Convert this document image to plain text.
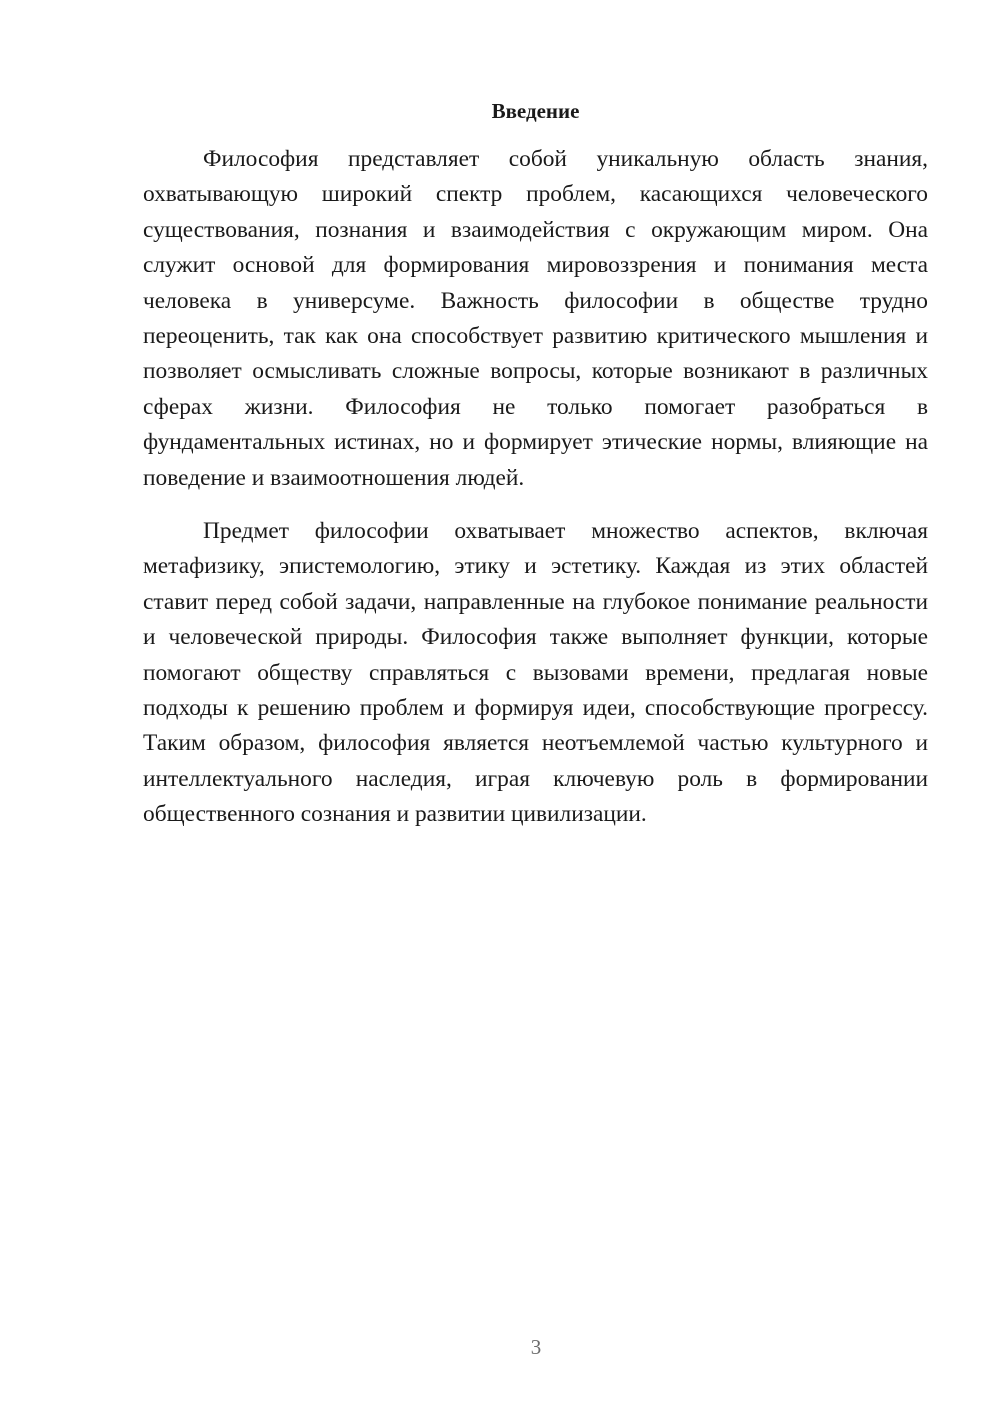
Введение

Философия представляет собой уникальную область знания, охватывающую широкий спектр проблем, касающихся человеческого существования, познания и взаимодействия с окружающим миром. Она служит основой для формирования мировоззрения и понимания места человека в универсуме. Важность философии в обществе трудно переоценить, так как она способствует развитию критического мышления и позволяет осмысливать сложные вопросы, которые возникают в различных сферах жизни. Философия не только помогает разобраться в фундаментальных истинах, но и формирует этические нормы, влияющие на поведение и взаимоотношения людей.

Предмет философии охватывает множество аспектов, включая метафизику, эпистемологию, этику и эстетику. Каждая из этих областей ставит перед собой задачи, направленные на глубокое понимание реальности и человеческой природы. Философия также выполняет функции, которые помогают обществу справляться с вызовами времени, предлагая новые подходы к решению проблем и формируя идеи, способствующие прогрессу. Таким образом, философия является неотъемлемой частью культурного и интеллектуального наследия, играя ключевую роль в формировании общественного сознания и развитии цивилизации.

3
